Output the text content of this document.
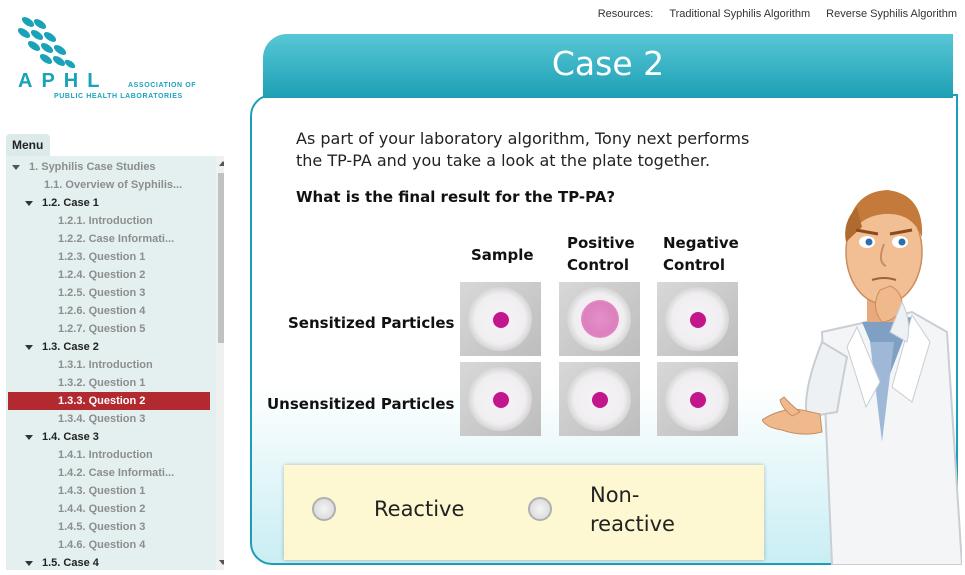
Resources: Traditional Syphilis Algorithm Reverse Syphilis Algorithm
APHL	ASSOCIATION OF
PUBLIC HEALTH LABORATORIES
Menu
1. Syphilis Case Studies
1.1. Overview of Syphilis...
1.2. Case 1
1.2.1. Introduction
1.2.2. Case Informati...
1.2.3. Question 1
1.2.4. Question 2
1.2.5. Question 3
1.2.6. Question 4
1.2.7. Question 5
1.3. Case 2
1.3.1. Introduction
1.3.2. Question 1
1.3.3. Question 2
1.3.4. Question 3
1.4. Case 3
1.4.1. Introduction
1.4.2. Case Informati...
1.4.3. Question 1
1.4.4. Question 2
1.4.5. Question 3
1.4.6. Question 4
1.5. Case 4
Case 2
As part of your laboratory algorithm, Tony next performs the TP-PA and you take a look at the plate together.
What is the final result for the TP-PA?
Sample
Positive
Control
Negative
Control
Sensitized Particles
Unsensitized Particles
Reactive
Non-
reactive
